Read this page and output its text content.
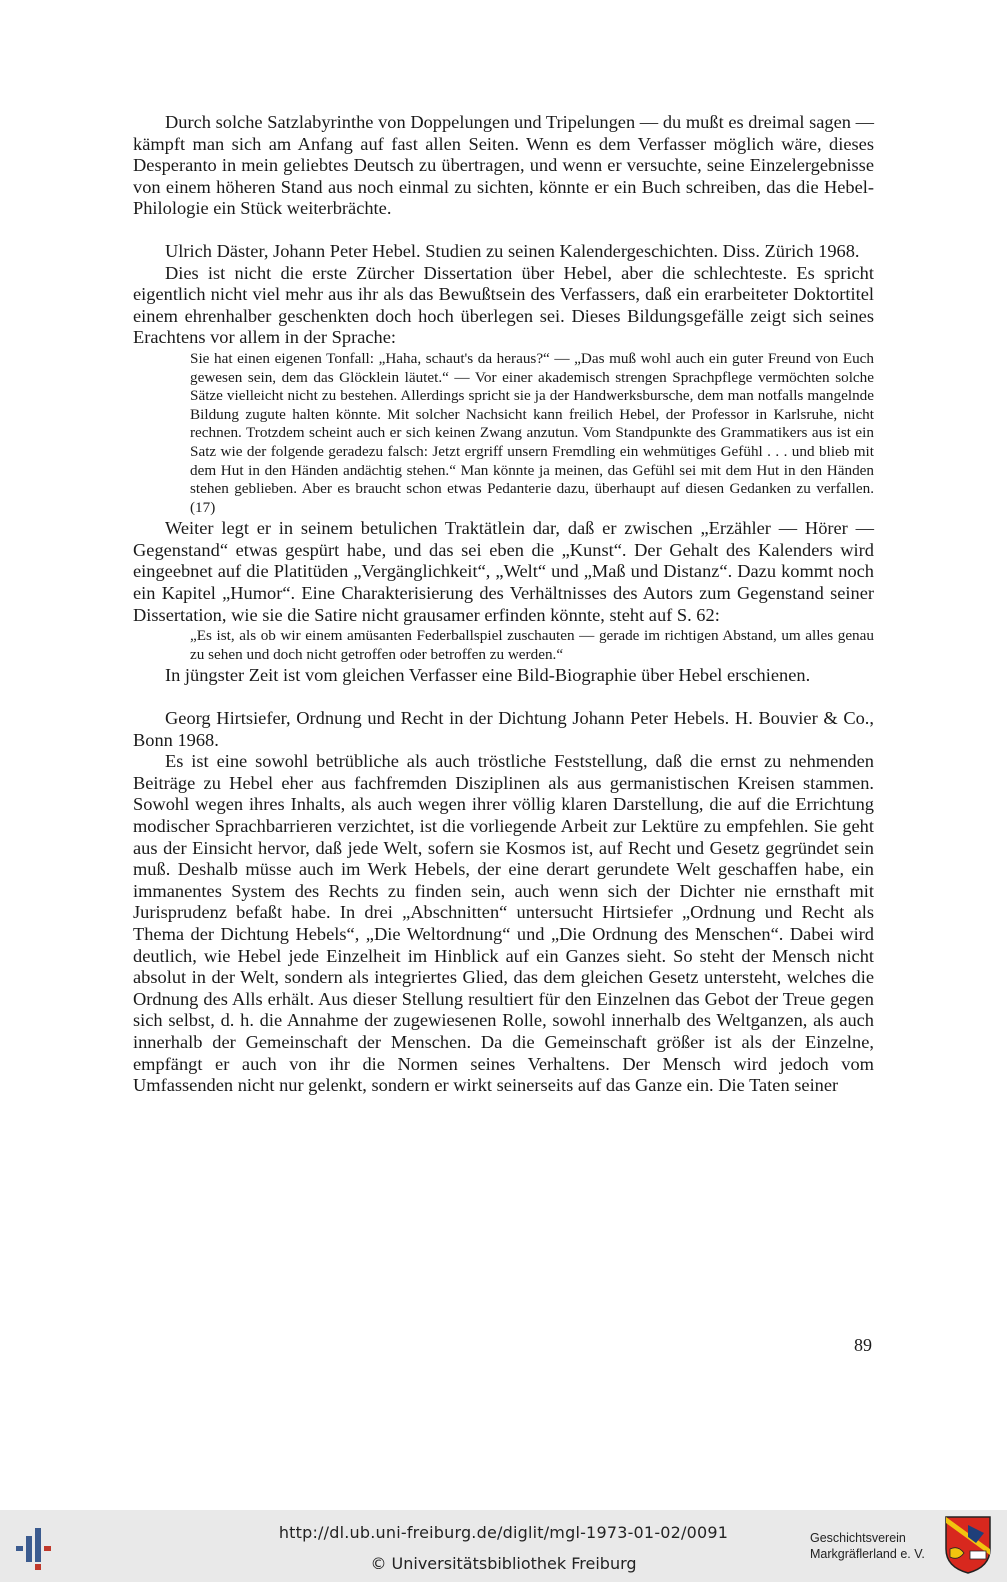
Durch solche Satzlabyrinthe von Doppelungen und Tripelungen — du mußt es dreimal sagen — kämpft man sich am Anfang auf fast allen Seiten. Wenn es dem Verfasser möglich wäre, dieses Desperanto in mein geliebtes Deutsch zu übertragen, und wenn er versuchte, seine Einzelergebnisse von einem höheren Stand aus noch einmal zu sichten, könnte er ein Buch schreiben, das die Hebel-Philologie ein Stück weiterbrächte.

Ulrich Däster, Johann Peter Hebel. Studien zu seinen Kalendergeschichten. Diss. Zürich 1968.

Dies ist nicht die erste Zürcher Dissertation über Hebel, aber die schlechteste. Es spricht eigentlich nicht viel mehr aus ihr als das Bewußtsein des Verfassers, daß ein erarbeiteter Doktortitel einem ehrenhalber geschenkten doch hoch überlegen sei. Dieses Bildungsgefälle zeigt sich seines Erachtens vor allem in der Sprache:

Sie hat einen eigenen Tonfall: „Haha, schaut's da heraus?“ — „Das muß wohl auch ein guter Freund von Euch gewesen sein, dem das Glöcklein läutet.“ — Vor einer akademisch strengen Sprachpflege vermöchten solche Sätze vielleicht nicht zu bestehen. Allerdings spricht sie ja der Handwerksbursche, dem man notfalls mangelnde Bildung zugute halten könnte. Mit solcher Nachsicht kann freilich Hebel, der Professor in Karlsruhe, nicht rechnen. Trotzdem scheint auch er sich keinen Zwang anzutun. Vom Standpunkte des Grammatikers aus ist ein Satz wie der folgende geradezu falsch: Jetzt ergriff unsern Fremdling ein wehmütiges Gefühl . . . und blieb mit dem Hut in den Händen andächtig stehen.“ Man könnte ja meinen, das Gefühl sei mit dem Hut in den Händen stehen geblieben. Aber es braucht schon etwas Pedanterie dazu, überhaupt auf diesen Gedanken zu verfallen. (17)

Weiter legt er in seinem betulichen Traktätlein dar, daß er zwischen „Erzähler — Hörer — Gegenstand“ etwas gespürt habe, und das sei eben die „Kunst“. Der Gehalt des Kalenders wird eingeebnet auf die Platitüden „Vergänglichkeit“, „Welt“ und „Maß und Distanz“. Dazu kommt noch ein Kapitel „Humor“. Eine Charakterisierung des Verhältnisses des Autors zum Gegenstand seiner Dissertation, wie sie die Satire nicht grausamer erfinden könnte, steht auf S. 62:

„Es ist, als ob wir einem amüsanten Federballspiel zuschauten — gerade im richtigen Abstand, um alles genau zu sehen und doch nicht getroffen oder betroffen zu werden.“

In jüngster Zeit ist vom gleichen Verfasser eine Bild-Biographie über Hebel erschienen.

Georg Hirtsiefer, Ordnung und Recht in der Dichtung Johann Peter Hebels. H. Bouvier & Co., Bonn 1968.

Es ist eine sowohl betrübliche als auch tröstliche Feststellung, daß die ernst zu nehmenden Beiträge zu Hebel eher aus fachfremden Disziplinen als aus germanistischen Kreisen stammen. Sowohl wegen ihres Inhalts, als auch wegen ihrer völlig klaren Darstellung, die auf die Errichtung modischer Sprachbarrieren verzichtet, ist die vorliegende Arbeit zur Lektüre zu empfehlen. Sie geht aus der Einsicht hervor, daß jede Welt, sofern sie Kosmos ist, auf Recht und Gesetz gegründet sein muß. Deshalb müsse auch im Werk Hebels, der eine derart gerundete Welt geschaffen habe, ein immanentes System des Rechts zu finden sein, auch wenn sich der Dichter nie ernsthaft mit Jurisprudenz befaßt habe. In drei „Abschnitten“ untersucht Hirtsiefer „Ordnung und Recht als Thema der Dichtung Hebels“, „Die Weltordnung“ und „Die Ordnung des Menschen“. Dabei wird deutlich, wie Hebel jede Einzelheit im Hinblick auf ein Ganzes sieht. So steht der Mensch nicht absolut in der Welt, sondern als integriertes Glied, das dem gleichen Gesetz untersteht, welches die Ordnung des Alls erhält. Aus dieser Stellung resultiert für den Einzelnen das Gebot der Treue gegen sich selbst, d. h. die Annahme der zugewiesenen Rolle, sowohl innerhalb des Weltganzen, als auch innerhalb der Gemeinschaft der Menschen. Da die Gemeinschaft größer ist als der Einzelne, empfängt er auch von ihr die Normen seines Verhaltens. Der Mensch wird jedoch vom Umfassenden nicht nur gelenkt, sondern er wirkt seinerseits auf das Ganze ein. Die Taten seiner

89
http://dl.ub.uni-freiburg.de/diglit/mgl-1973-01-02/0091
© Universitätsbibliothek Freiburg
Geschichtsverein
Markgräflerland e. V.
